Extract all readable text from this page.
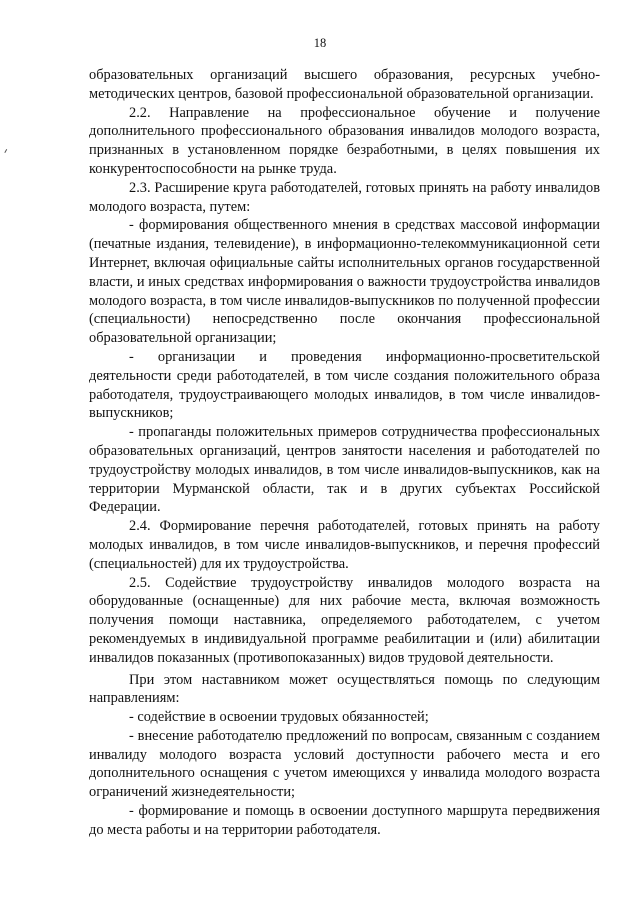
18

образовательных организаций высшего образования, ресурсных учебно-методических центров, базовой профессиональной образовательной организации.

2.2. Направление на профессиональное обучение и получение дополнительного профессионального образования инвалидов молодого возраста, признанных в установленном порядке безработными, в целях повышения их конкурентоспособности на рынке труда.

2.3. Расширение круга работодателей, готовых принять на работу инвалидов молодого возраста, путем:

- формирования общественного мнения в средствах массовой информации (печатные издания, телевидение), в информационно-телекоммуникационной сети Интернет, включая официальные сайты исполнительных органов государственной власти, и иных средствах информирования о важности трудоустройства инвалидов молодого возраста, в том числе инвалидов-выпускников по полученной профессии (специальности) непосредственно после окончания профессиональной образовательной организации;

- организации и проведения информационно-просветительской деятельности среди работодателей, в том числе создания положительного образа работодателя, трудоустраивающего молодых инвалидов, в том числе инвалидов-выпускников;

- пропаганды положительных примеров сотрудничества профессиональных образовательных организаций, центров занятости населения и работодателей по трудоустройству молодых инвалидов, в том числе инвалидов-выпускников, как на территории Мурманской области, так и в других субъектах Российской Федерации.

2.4. Формирование перечня работодателей, готовых принять на работу молодых инвалидов, в том числе инвалидов-выпускников, и перечня профессий (специальностей) для их трудоустройства.

2.5. Содействие трудоустройству инвалидов молодого возраста на оборудованные (оснащенные) для них рабочие места, включая возможность получения помощи наставника, определяемого работодателем, с учетом рекомендуемых в индивидуальной программе реабилитации и (или) абилитации инвалидов показанных (противопоказанных) видов трудовой деятельности.

При этом наставником может осуществляться помощь по следующим направлениям:

- содействие в освоении трудовых обязанностей;

- внесение работодателю предложений по вопросам, связанным с созданием инвалиду молодого возраста условий доступности рабочего места и его дополнительного оснащения с учетом имеющихся у инвалида молодого возраста ограничений жизнедеятельности;

- формирование и помощь в освоении доступного маршрута передвижения до места работы и на территории работодателя.
